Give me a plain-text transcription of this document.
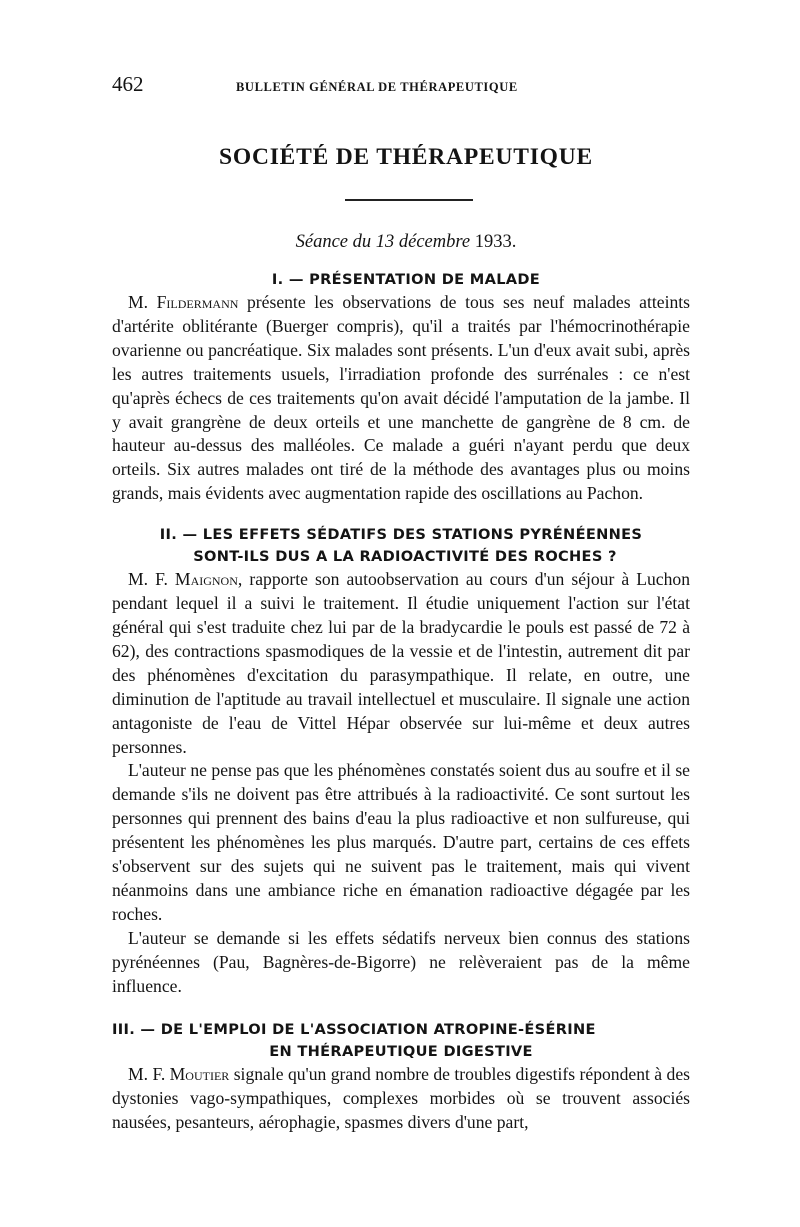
462	BULLETIN GÉNÉRAL DE THÉRAPEUTIQUE
SOCIÉTÉ DE THÉRAPEUTIQUE
Séance du 13 décembre 1933.
I. — PRÉSENTATION DE MALADE

M. Fildermann présente les observations de tous ses neuf malades atteints d'artérite oblitérante (Buerger compris), qu'il a traités par l'hémocrinothérapie ovarienne ou pancréatique. Six malades sont présents. L'un d'eux avait subi, après les autres traitements usuels, l'irradiation profonde des surrénales : ce n'est qu'après échecs de ces traitements qu'on avait décidé l'amputation de la jambe. Il y avait grangrène de deux orteils et une manchette de gangrène de 8 cm. de hauteur au-dessus des malléoles. Ce malade a guéri n'ayant perdu que deux orteils. Six autres malades ont tiré de la méthode des avantages plus ou moins grands, mais évidents avec augmentation rapide des oscillations au Pachon.

II. — LES EFFETS SÉDATIFS DES STATIONS PYRÉNÉENNES
SONT-ILS DUS A LA RADIOACTIVITÉ DES ROCHES ?

M. F. Maignon, rapporte son autoobservation au cours d'un séjour à Luchon pendant lequel il a suivi le traitement. Il étudie uniquement l'action sur l'état général qui s'est traduite chez lui par de la bradycardie le pouls est passé de 72 à 62), des contractions spasmodiques de la vessie et de l'intestin, autrement dit par des phénomènes d'excitation du parasympathique. Il relate, en outre, une diminution de l'aptitude au travail intellectuel et musculaire. Il signale une action antagoniste de l'eau de Vittel Hépar observée sur lui-même et deux autres personnes.

L'auteur ne pense pas que les phénomènes constatés soient dus au soufre et il se demande s'ils ne doivent pas être attribués à la radioactivité. Ce sont surtout les personnes qui prennent des bains d'eau la plus radioactive et non sulfureuse, qui présentent les phénomènes les plus marqués. D'autre part, certains de ces effets s'observent sur des sujets qui ne suivent pas le traitement, mais qui vivent néanmoins dans une ambiance riche en émanation radioactive dégagée par les roches.

L'auteur se demande si les effets sédatifs nerveux bien connus des stations pyrénéennes (Pau, Bagnères-de-Bigorre) ne relèveraient pas de la même influence.

III. — DE L'EMPLOI DE L'ASSOCIATION ATROPINE-ÉSÉRINE
EN THÉRAPEUTIQUE DIGESTIVE

M. F. Moutier signale qu'un grand nombre de troubles digestifs répondent à des dystonies vago-sympathiques, complexes morbides où se trouvent associés nausées, pesanteurs, aérophagie, spasmes divers d'une part,
